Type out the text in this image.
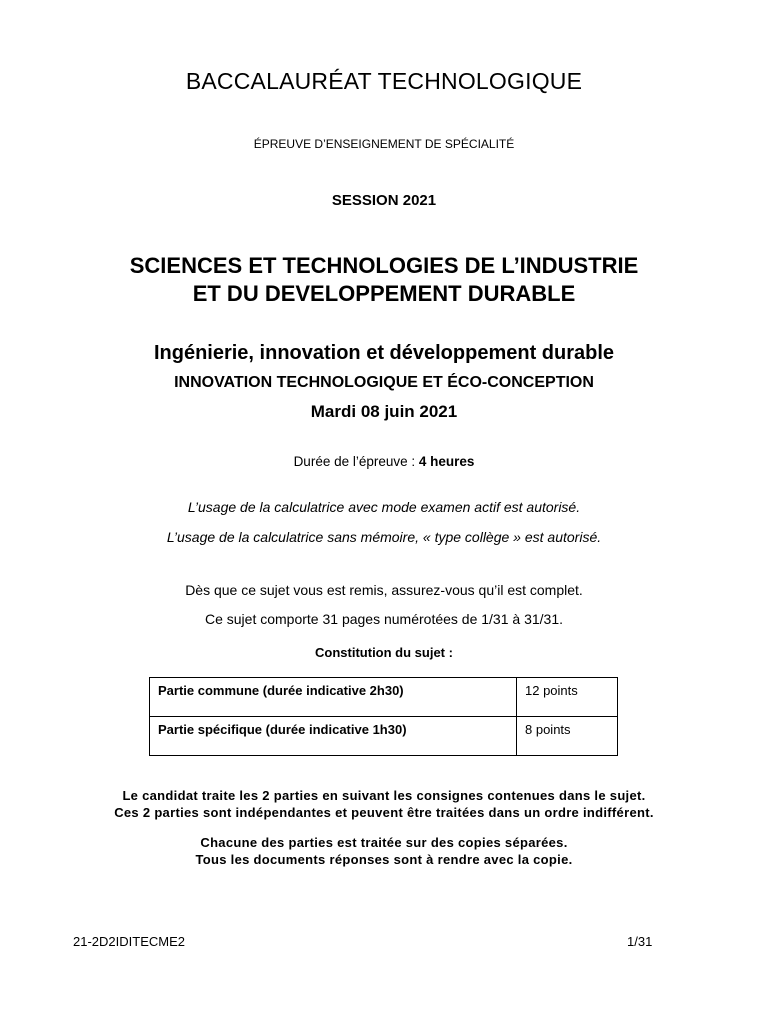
BACCALAURÉAT TECHNOLOGIQUE
ÉPREUVE D’ENSEIGNEMENT DE SPÉCIALITÉ
SESSION 2021
SCIENCES ET TECHNOLOGIES DE L’INDUSTRIE
ET DU DEVELOPPEMENT DURABLE
Ingénierie, innovation et développement durable
INNOVATION TECHNOLOGIQUE ET ÉCO-CONCEPTION
Mardi 08 juin 2021
Durée de l’épreuve : 4 heures
L’usage de la calculatrice avec mode examen actif est autorisé.
L’usage de la calculatrice sans mémoire, « type collège » est autorisé.
Dès que ce sujet vous est remis, assurez-vous qu’il est complet.
Ce sujet comporte 31 pages numérotées de 1/31 à 31/31.
Constitution du sujet :
Partie commune (durée indicative 2h30)	12 points
Partie spécifique (durée indicative 1h30)	8 points
Le candidat traite les 2 parties en suivant les consignes contenues dans le sujet.
Ces 2 parties sont indépendantes et peuvent être traitées dans un ordre indifférent.
Chacune des parties est traitée sur des copies séparées.
Tous les documents réponses sont à rendre avec la copie.
21-2D2IDITECME2	1/31
